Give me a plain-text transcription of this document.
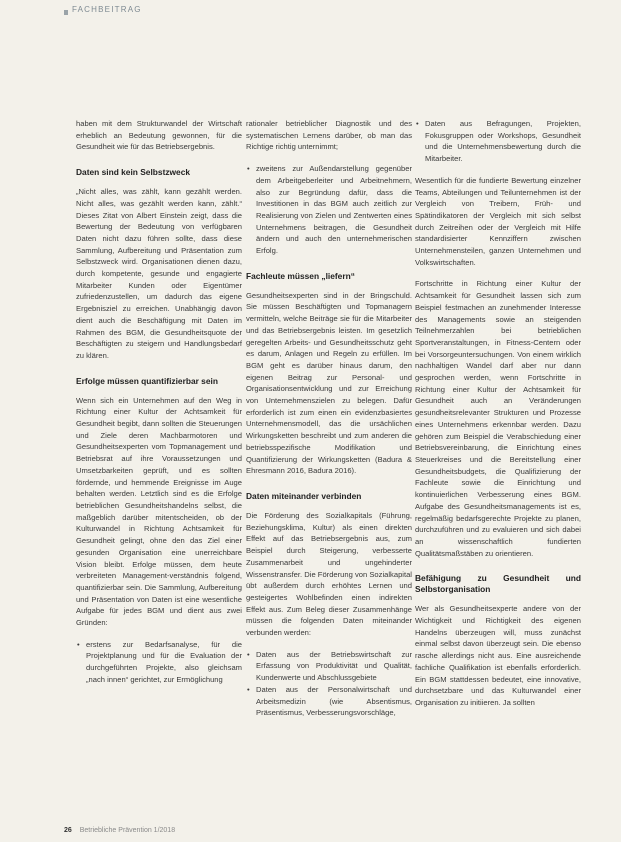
FACHBEITRAG

haben mit dem Strukturwandel der Wirtschaft erheblich an Bedeutung gewonnen, für die Gesundheit wie für das Betriebsergebnis.

Daten sind kein Selbstzweck

„Nicht alles, was zählt, kann gezählt werden. Nicht alles, was gezählt werden kann, zählt.“ Dieses Zitat von Albert Einstein zeigt, dass die Bewertung der Bedeutung von verfügbaren Daten nicht dazu führen sollte, dass diese Sammlung, Aufbereitung und Präsentation zum Selbstzweck wird. Organisationen dienen dazu, durch kompetente, gesunde und engagierte Mitarbeiter Kunden oder Eigentümer zufriedenzustellen, um dadurch das eigene Ergebnisziel zu erreichen. Unabhängig davon dient auch die Beschäftigung mit Daten im Rahmen des BGM, die Gesundheitsquote der Beschäftigten zu steigern und Handlungsbedarf zu klären.

Erfolge müssen quantifizierbar sein

Wenn sich ein Unternehmen auf den Weg in Richtung einer Kultur der Achtsamkeit für Gesundheit begibt, dann sollten die Steuerungen und Ziele deren Machbarmotoren und Gesundheitsexperten vom Topmanagement und Betriebsrat auf ihre Voraussetzungen und Umsetzbarkeiten geprüft, und es sollten fördernde, und hemmende Ereignisse im Auge behalten werden. Letztlich sind es die Erfolge betrieblichen Gesundheitshandelns selbst, die maßgeblich darüber mitentscheiden, ob der Kulturwandel in Richtung Achtsamkeit für Gesundheit gelingt, ohne den das Ziel einer gesunden Organisation eine unerreichbare Vision bleibt. Erfolge müssen, dem heute verbreiteten Management-verständnis folgend, quantifizierbar sein. Die Sammlung, Aufbereitung und Präsentation von Daten ist eine wesentliche Aufgabe für jedes BGM und dient aus zwei Gründen:

• erstens zur Bedarfsanalyse, für die Projektplanung und für die Evaluation der durchgeführten Projekte, also gleichsam „nach innen“ gerichtet, zur Ermöglichung

rationaler betrieblicher Diagnostik und des systematischen Lernens darüber, ob man das Richtige richtig unternimmt;

• zweitens zur Außendarstellung gegenüber dem Arbeitgeberleiter und Arbeitnehmern, also zur Begründung dafür, dass die Investitionen in das BGM auch zeitlich zur Realisierung von Zielen und Zentwerten eines Unternehmens beitragen, die Gesundheit ändern und auch den unternehmerischen Erfolg.
Fachleute müssen „liefern“

Gesundheitsexperten sind in der Bringschuld. Sie müssen Beschäftigten und Topmanagern vermitteln, welche Beiträge sie für die Mitarbeiter und das Betriebsergebnis leisten. Im gesetzlich geregelten Arbeits- und Gesundheitsschutz geht es darum, Anlagen und Regeln zu erfüllen. Im BGM geht es darüber hinaus darum, den eigenen Beitrag zur Personal- und Organisationsentwicklung und zur Erreichung von Unternehmenszielen zu belegen. Dafür erforderlich ist zum einen ein evidenzbasiertes Unternehmensmodell, das die ursächlichen Wirkungsketten beschreibt und zum anderen die betriebsspezifische Modifikation und Quantifizierung der Wirkungsketten (Badura & Ehresmann 2016, Badura 2016).

Daten miteinander verbinden

Die Förderung des Sozialkapitals (Führung, Beziehungsklima, Kultur) als einen direkten Effekt auf das Betriebsergebnis aus, zum Beispiel durch Steigerung, verbesserte Zusammenarbeit und ungehinderter Wissenstransfer. Die Förderung von Sozialkapital übt außerdem durch erhöhtes Lernen und gesteigertes Wohlbefinden einen indirekten Effekt aus. Zum Beleg dieser Zusammenhänge müssen die folgenden Daten miteinander verbunden werden:

• Daten aus der Betriebswirtschaft zur Erfassung von Produktivität und Qualität, Kundenwerte und Abschlussgebiete
• Daten aus der Personalwirtschaft und Arbeitsmedizin (wie Absentismus, Präsentismus, Verbesserungsvorschläge,
• Daten aus Befragungen, Projekten, Fokusgruppen oder Workshops, Gesundheit und die Unternehmensbewertung durch die Mitarbeiter.

Wesentlich für die fundierte Bewertung einzelner Teams, Abteilungen und Teilunternehmen ist der Vergleich von Treibern, Früh- und Spätindikatoren der Vergleich mit sich selbst durch Zeitreihen oder der Vergleich mit Hilfe standardisierter Kennziffern zwischen Unternehmensteilen, ganzen Unternehmen und Volkswirtschaften.

Fortschritte in Richtung einer Kultur der Achtsamkeit für Gesundheit lassen sich zum Beispiel festmachen an zunehmender Interesse des Managements sowie an steigenden Teilnehmerzahlen bei betrieblichen Sportveranstaltungen, in Fitness-Centern oder bei Vorsorgeuntersuchungen. Von einem wirklich nachhaltigen Wandel darf aber nur dann gesprochen werden, wenn Fortschritte in Richtung einer Kultur der Achtsamkeit für Gesundheit auch an Veränderungen gesundheitsrelevanter Strukturen und Prozesse eines Unternehmens erkennbar werden. Dazu gehören zum Beispiel die Verabschiedung einer Betriebsvereinbarung, die Einrichtung eines Steuerkreises und die Bereitstellung einer Gesundheitsbudgets, die Qualifizierung der Fachleute sowie die Einrichtung und kontinuierlichen Verbesserung eines BGM. Aufgabe des Gesundheitsmanagements ist es, regelmäßig bedarfsgerechte Projekte zu planen, durchzuführen und zu evaluieren und sich dabei an wissenschaftlich fundierten Qualitätsmaßstäben zu orientieren.

Befähigung zu Gesundheit und Selbstorganisation

Wer als Gesundheitsexperte andere von der Wichtigkeit und Richtigkeit des eigenen Handelns überzeugen will, muss zunächst einmal selbst davon überzeugt sein. Die ebenso rasche allerdings nicht aus. Eine ausreichende fachliche Qualifikation ist ebenfalls erforderlich. Ein BGM stattdessen bedeutet, eine innovative, durchsetzbare und das Kulturwandel einer Organisation zu initiieren. Ja sollten

26 Betriebliche Prävention 1/2018
